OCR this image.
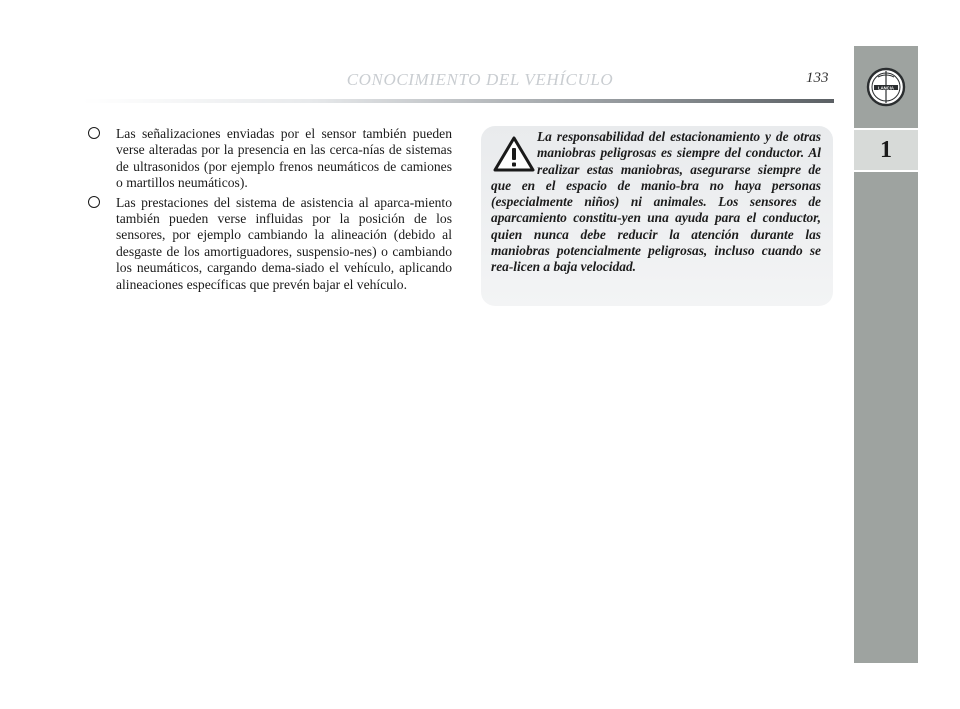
CONOCIMIENTO DEL VEHÍCULO	133
LANCIA
1
Las señalizaciones enviadas por el sensor también pueden verse alteradas por la presencia en las cerca-nías de sistemas de ultrasonidos (por ejemplo frenos neumáticos de camiones o martillos neumáticos).
Las prestaciones del sistema de asistencia al aparca-miento también pueden verse influidas por la posición de los sensores, por ejemplo cambiando la alineación (debido al desgaste de los amortiguadores, suspensio-nes) o cambiando los neumáticos, cargando dema-siado el vehículo, aplicando alineaciones específicas que prevén bajar el vehículo.

La responsabilidad del estacionamiento y de otras maniobras peligrosas es siempre del conductor. Al realizar estas maniobras, asegurarse siempre de que en el espacio de manio-bra no haya personas (especialmente niños) ni animales. Los sensores de aparcamiento constitu-yen una ayuda para el conductor, quien nunca debe reducir la atención durante las maniobras potencialmente peligrosas, incluso cuando se rea-licen a baja velocidad.
